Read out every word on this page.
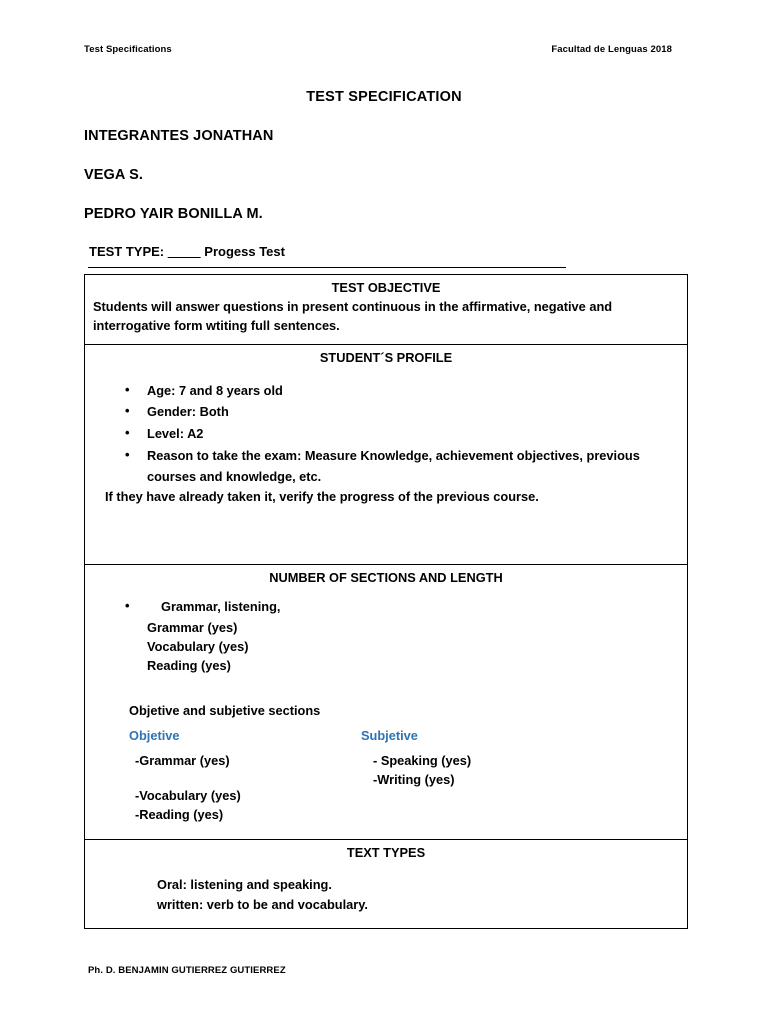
Test Specifications	Facultad de Lenguas 2018
TEST SPECIFICATION
INTEGRANTES JONATHAN
VEGA S.
PEDRO YAIR BONILLA M.
TEST TYPE: ____ Progess Test
TEST OBJECTIVE
Students will answer questions in present continuous in the affirmative, negative and
interrogative form wtiting full sentences.
STUDENT´S PROFILE
• Age: 7 and 8 years old
• Gender: Both
• Level: A2
• Reason to take the exam: Measure Knowledge, achievement objectives, previous
courses and knowledge, etc.
If they have already taken it, verify the progress of the previous course.
NUMBER OF SECTIONS AND LENGTH
• Grammar, listening,
Grammar (yes)
Vocabulary (yes)
Reading (yes)
Objetive and subjetive sections
Objetive
-Grammar (yes)
-Vocabulary (yes)
-Reading (yes)
Subjetive
- Speaking (yes)
-Writing (yes)
TEXT TYPES
Oral: listening and speaking.
written: verb to be and vocabulary.
Ph. D. BENJAMIN GUTIERREZ GUTIERREZ
